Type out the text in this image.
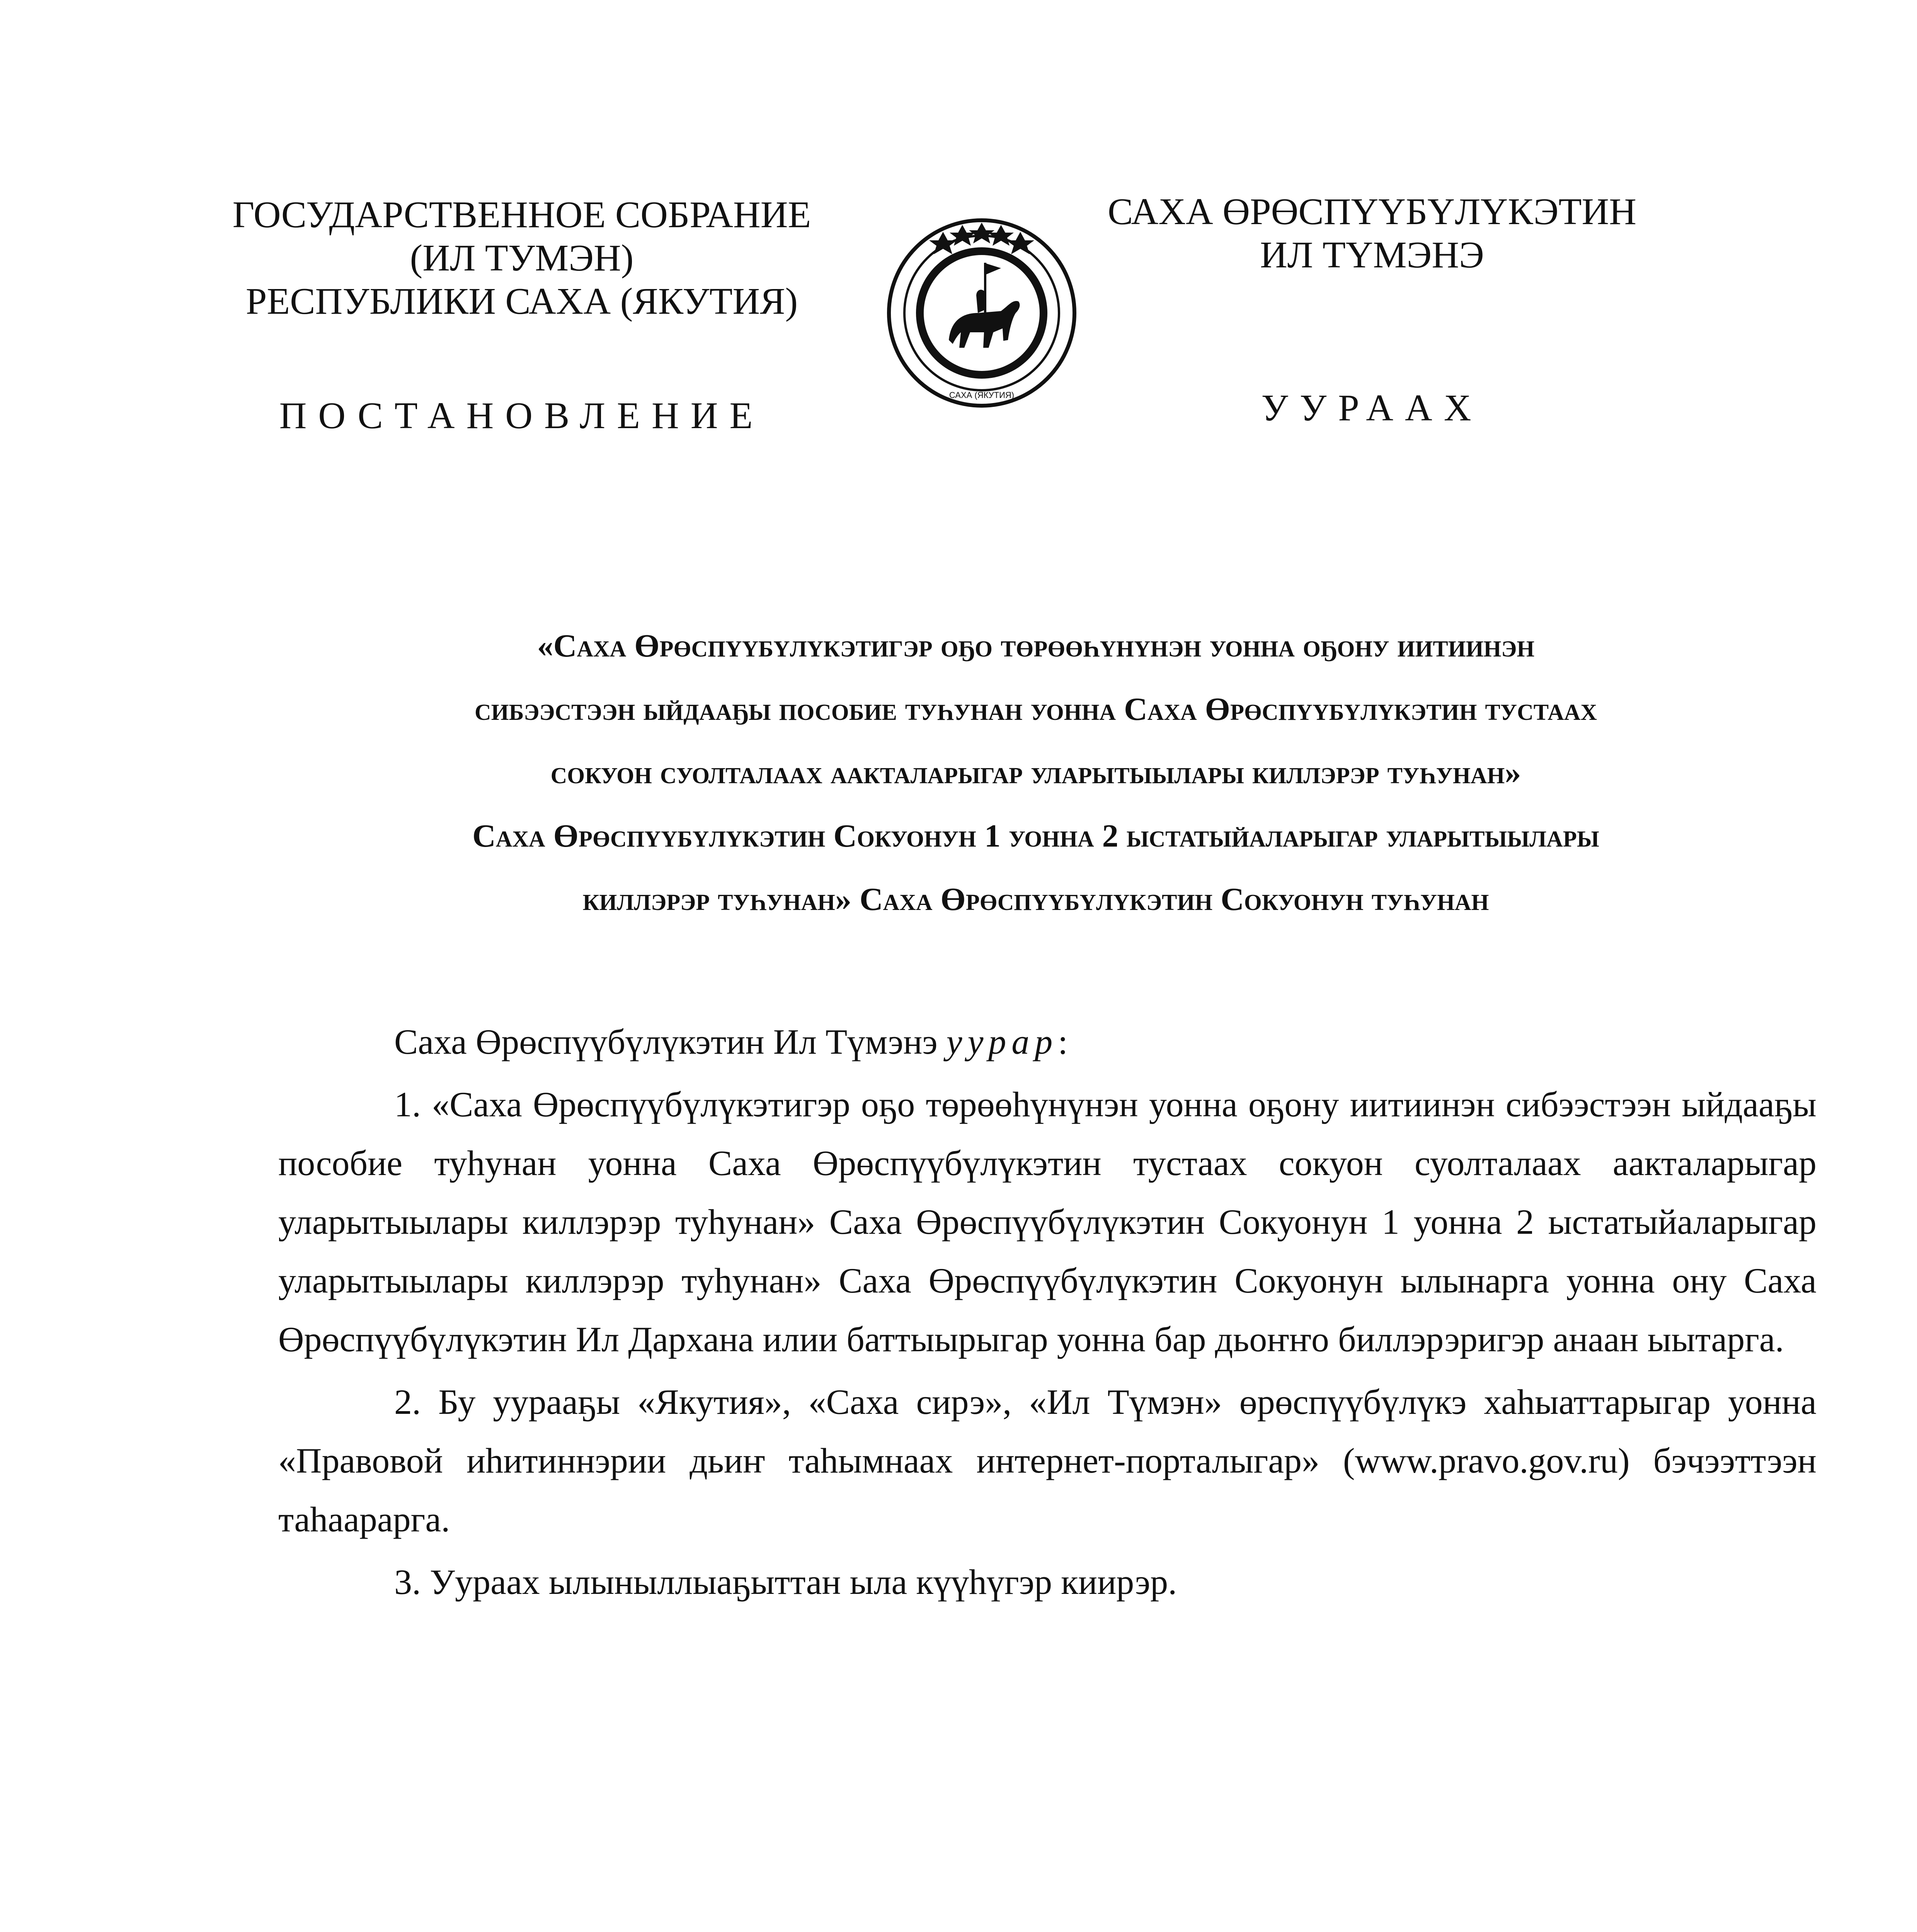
ГОСУДАРСТВЕННОЕ СОБРАНИЕ
(ИЛ ТУМЭН)
РЕСПУБЛИКИ САХА (ЯКУТИЯ)
ПОСТАНОВЛЕНИЕ
САХА ӨРӨСПҮҮБҮЛҮКЭТИН
ИЛ ТҮМЭНЭ
УУРААХ
САХА (ЯКУТИЯ)
«Саха Өрөспүүбүлүкэтигэр оҕо төрөөһүнүнэн уонна оҕону иитиинэн
сибээстээн ыйдааҕы пособие туһунан уонна Саха Өрөспүүбүлүкэтин тустаах
сокуон суолталаах аакталарыгар уларытыылары киллэрэр туһунан»
Саха Өрөспүүбүлүкэтин Сокуонун 1 уонна 2 ыстатыйаларыгар уларытыылары
киллэрэр туһунан» Саха Өрөспүүбүлүкэтин Сокуонун туһунан

Саха Өрөспүүбүлүкэтин Ил Түмэнэ уурар:

1. «Саха Өрөспүүбүлүкэтигэр оҕо төрөөһүнүнэн уонна оҕону иитиинэн сибээстээн ыйдааҕы пособие туһунан уонна Саха Өрөспүүбүлүкэтин тустаах сокуон суолталаах аакталарыгар уларытыылары киллэрэр туһунан» Саха Өрөспүүбүлүкэтин Сокуонун 1 уонна 2 ыстатыйаларыгар уларытыылары киллэрэр туһунан» Саха Өрөспүүбүлүкэтин Сокуонун ылынарга уонна ону Саха Өрөспүүбүлүкэтин Ил Дархана илии баттыырыгар уонна бар дьоҥҥо биллэрэригэр анаан ыытарга.

2. Бу уурааҕы «Якутия», «Саха сирэ», «Ил Түмэн» өрөспүүбүлүкэ хаһыаттарыгар уонна «Правовой иһитиннэрии дьиҥ таһымнаах интернет-порталыгар» (www.pravo.gov.ru) бэчээттээн таһаарарга.

3. Уураах ылыныллыаҕыттан ыла күүһүгэр киирэр.
